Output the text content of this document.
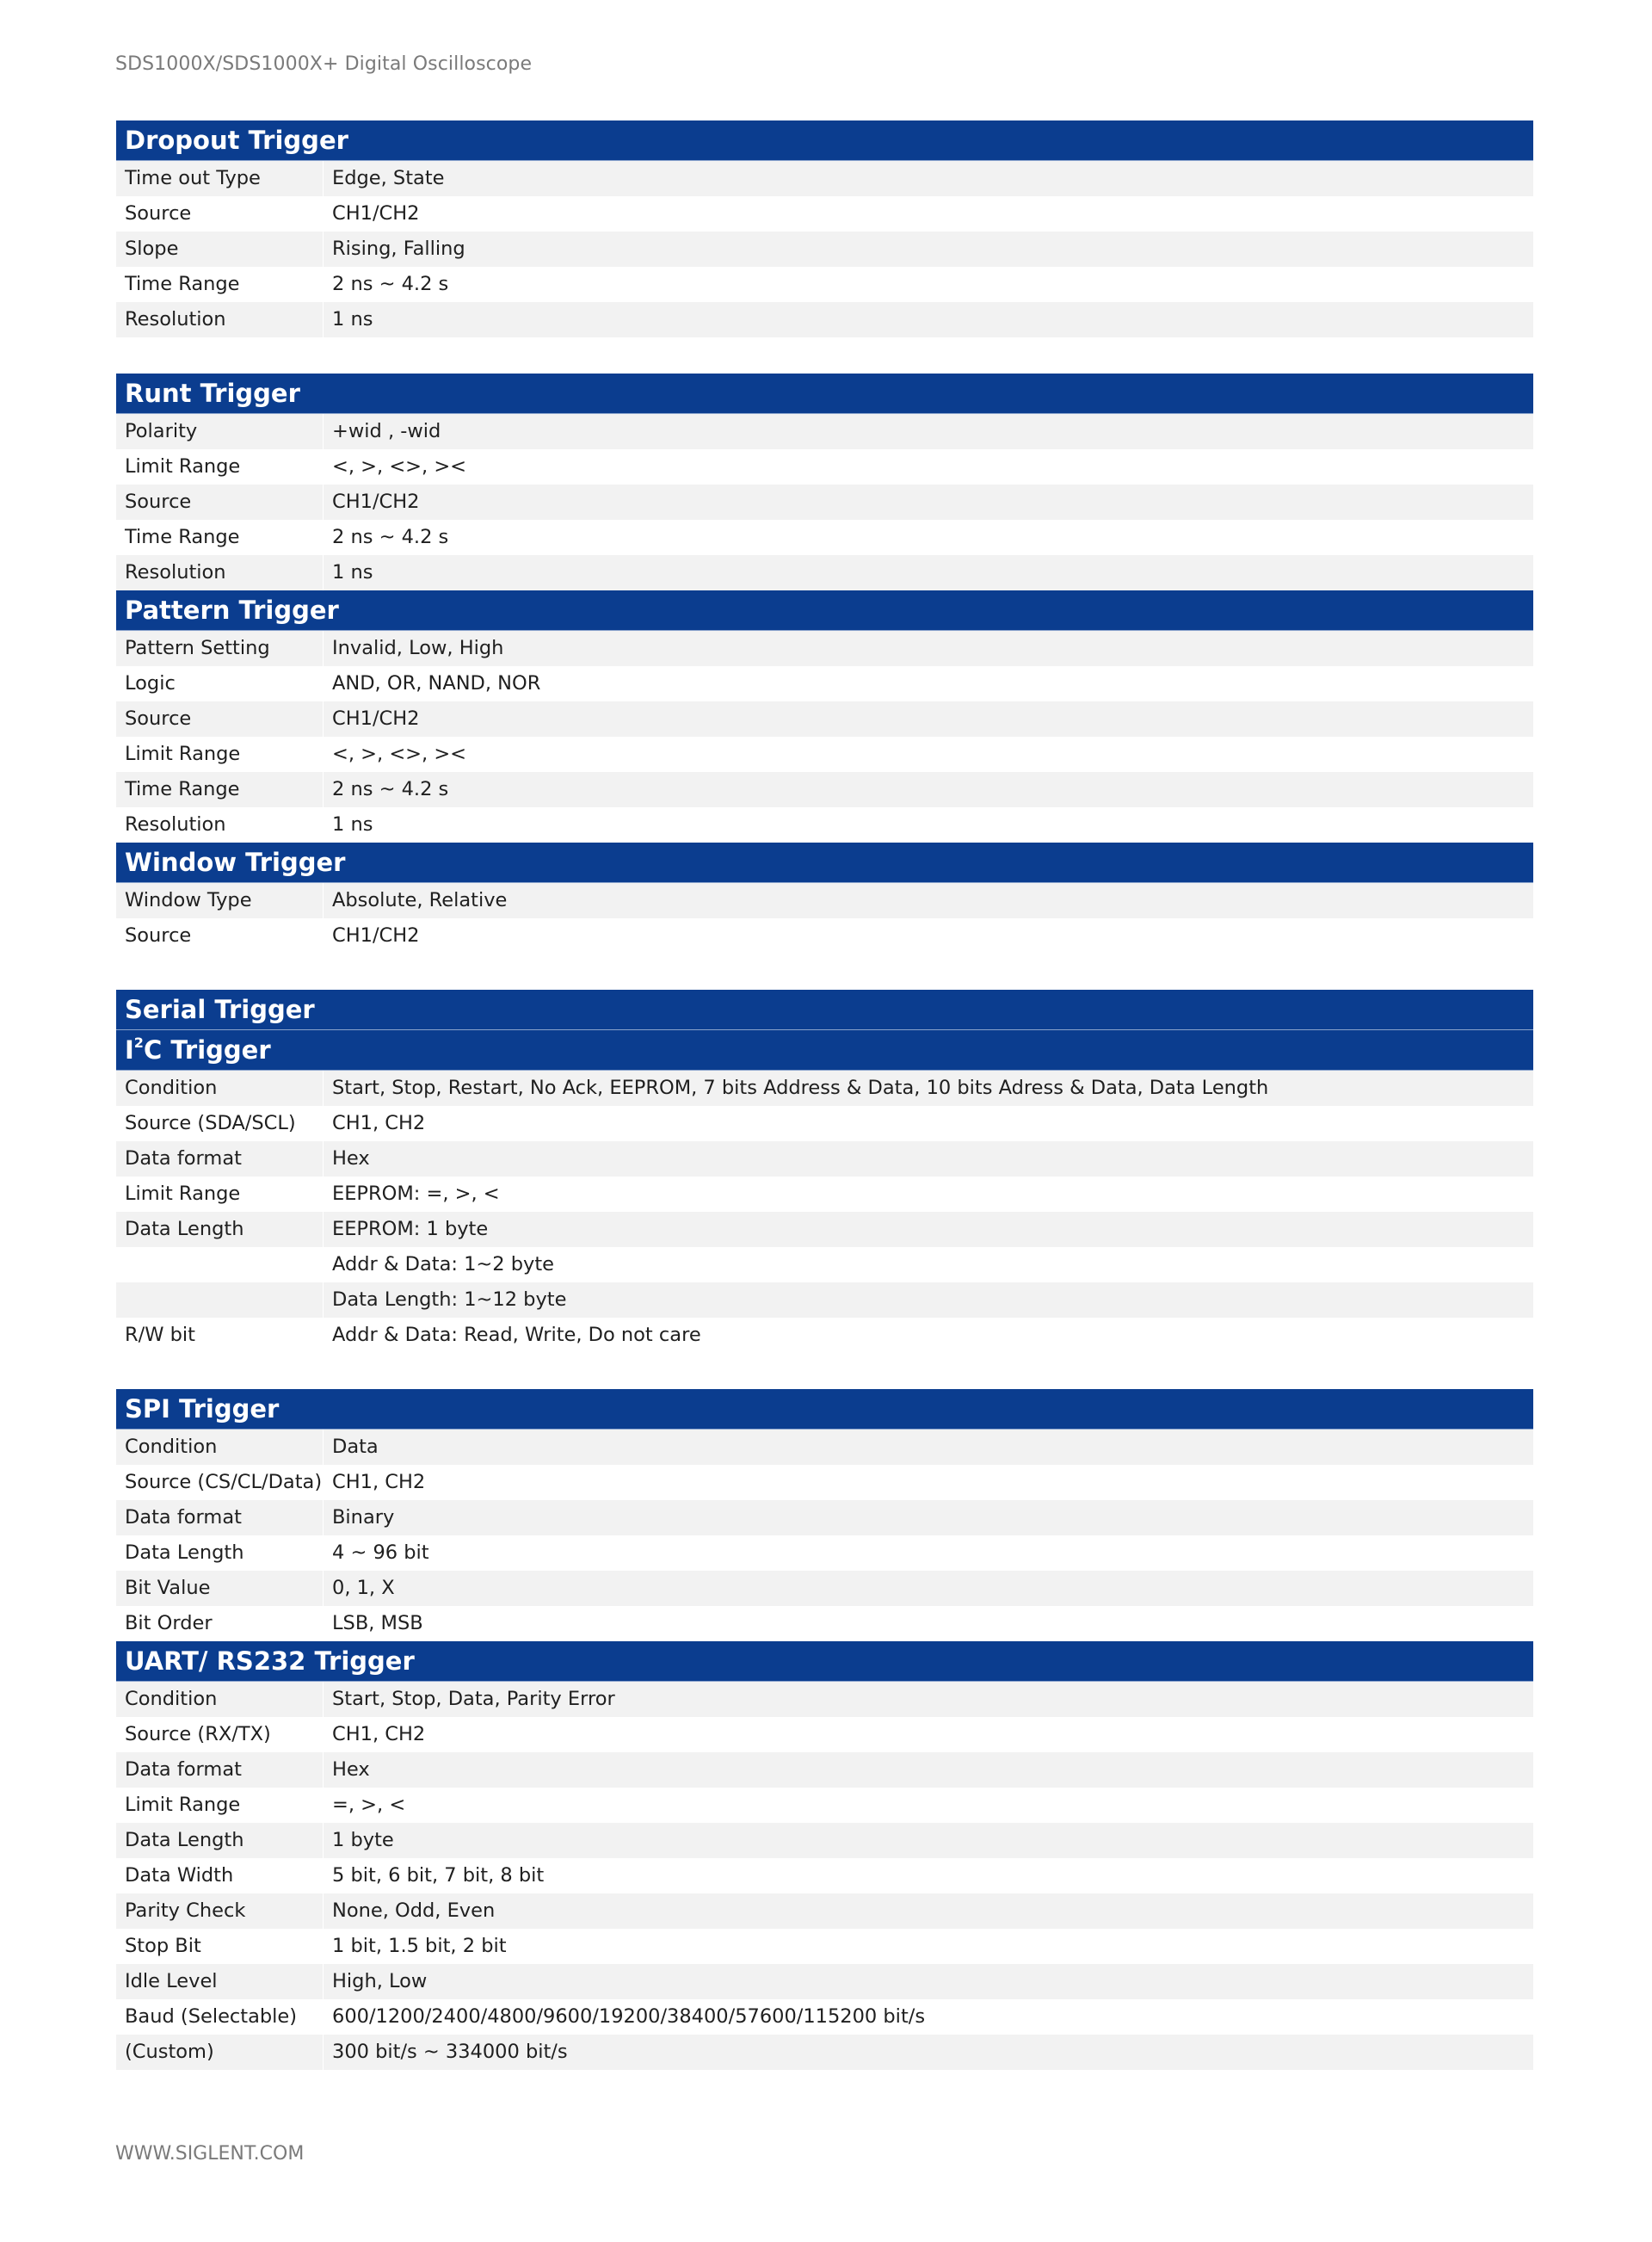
SDS1000X/SDS1000X+ Digital Oscilloscope
Dropout Trigger
Time out Type	Edge, State
Source	CH1/CH2
Slope	Rising, Falling
Time Range	2 ns ~ 4.2 s
Resolution	1 ns
Runt Trigger
Polarity	+wid , -wid
Limit Range	<, >, <>, ><
Source	CH1/CH2
Time Range	2 ns ~ 4.2 s
Resolution	1 ns
Pattern Trigger
Pattern Setting	Invalid, Low, High
Logic	AND, OR, NAND, NOR
Source	CH1/CH2
Limit Range	<, >, <>, ><
Time Range	2 ns ~ 4.2 s
Resolution	1 ns
Window Trigger
Window Type	Absolute, Relative
Source	CH1/CH2
Serial Trigger
$I^2C$ Trigger
Condition	Start, Stop, Restart, No Ack, EEPROM, 7 bits Address & Data, 10 bits Adress & Data, Data Length
Source (SDA/SCL)	CH1, CH2
Data format	Hex
Limit Range	EEPROM: =, >, <
Data Length	EEPROM: 1 byte
Addr & Data: 1~2 byte
Data Length: 1~12 byte
R/W bit	Addr & Data: Read, Write, Do not care
SPI Trigger
Condition	Data
Source (CS/CL/Data) CH1, CH2
Data format	Binary
Data Length	4 ~ 96 bit
Bit Value	0, 1, X
Bit Order	LSB, MSB
UART/ RS232 Trigger
Condition	Start, Stop, Data, Parity Error
Source (RX/TX)	CH1, CH2
Data format	Hex
Limit Range	=, >, <
Data Length	1 byte
Data Width	5 bit, 6 bit, 7 bit, 8 bit
Parity Check	None, Odd, Even
Stop Bit	1 bit, 1.5 bit, 2 bit
Idle Level	High, Low
Baud (Selectable)	600/1200/2400/4800/9600/19200/38400/57600/115200 bit/s
(Custom)	300 bit/s ~ 334000 bit/s
WWW.SIGLENT.COM
